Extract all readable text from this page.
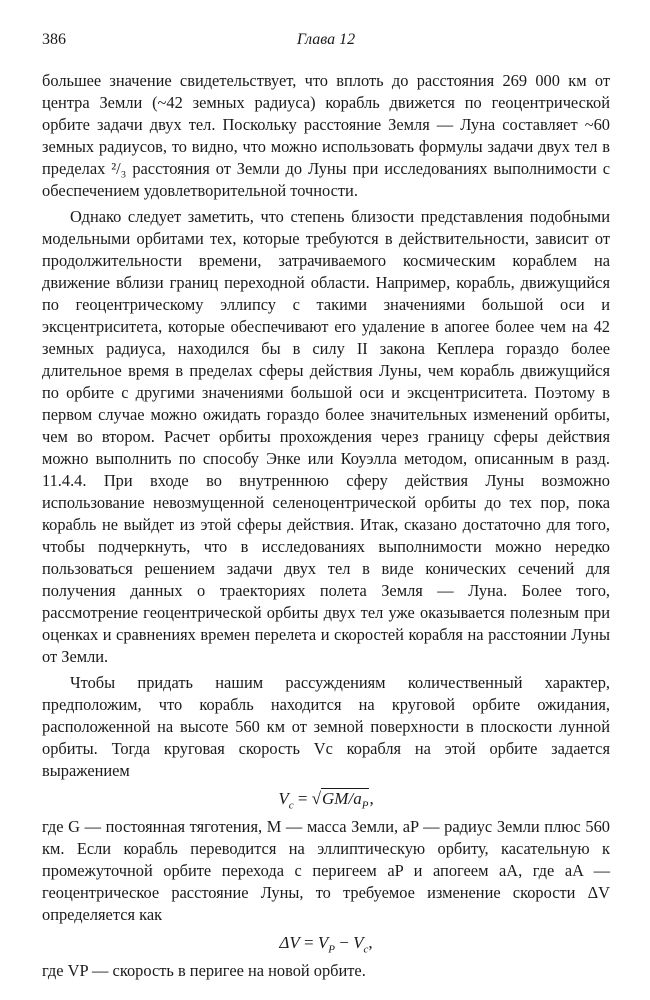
386	Глава 12

большее значение свидетельствует, что вплоть до расстояния 269 000 км от центра Земли (~42 земных радиуса) корабль движется по геоцентрической орбите задачи двух тел. Поскольку расстояние Земля — Луна составляет ~60 земных радиусов, то видно, что можно использовать формулы задачи двух тел в пределах ²/₃ расстояния от Земли до Луны при исследованиях выполнимости с обеспечением удовлетворительной точности.

Однако следует заметить, что степень близости представления подобными модельными орбитами тех, которые требуются в действительности, зависит от продолжительности времени, затрачиваемого космическим кораблем на движение вблизи границ переходной области. Например, корабль, движущийся по геоцентрическому эллипсу с такими значениями большой оси и эксцентриситета, которые обеспечивают его удаление в апогее более чем на 42 земных радиуса, находился бы в силу II закона Кеплера гораздо более длительное время в пределах сферы действия Луны, чем корабль движущийся по орбите с другими значениями большой оси и эксцентриситета. Поэтому в первом случае можно ожидать гораздо более значительных изменений орбиты, чем во втором. Расчет орбиты прохождения через границу сферы действия можно выполнить по способу Энке или Коуэлла методом, описанным в разд. 11.4.4. При входе во внутреннюю сферу действия Луны возможно использование невозмущенной селеноцентрической орбиты до тех пор, пока корабль не выйдет из этой сферы действия. Итак, сказано достаточно для того, чтобы подчеркнуть, что в исследованиях выполнимости можно нередко пользоваться решением задачи двух тел в виде конических сечений для получения данных о траекториях полета Земля — Луна. Более того, рассмотрение геоцентрической орбиты двух тел уже оказывается полезным при оценках и сравнениях времен перелета и скоростей корабля на расстоянии Луны от Земли.

Чтобы придать нашим рассуждениям количественный характер, предположим, что корабль находится на круговой орбите ожидания, расположенной на высоте 560 км от земной поверхности в плоскости лунной орбиты. Тогда круговая скорость Vc корабля на этой орбите задается выражением

$V_c = √GM/a_P$,

где G — постоянная тяготения, M — масса Земли, aP — радиус Земли плюс 560 км. Если корабль переводится на эллиптическую орбиту, касательную к промежуточной орбите перехода с перигеем aP и апогеем aA, где aA — геоцентрическое расстояние Луны, то требуемое изменение скорости ΔV определяется как

$\Delta V = V_P - V_c$,

где VP — скорость в перигее на новой орбите.
